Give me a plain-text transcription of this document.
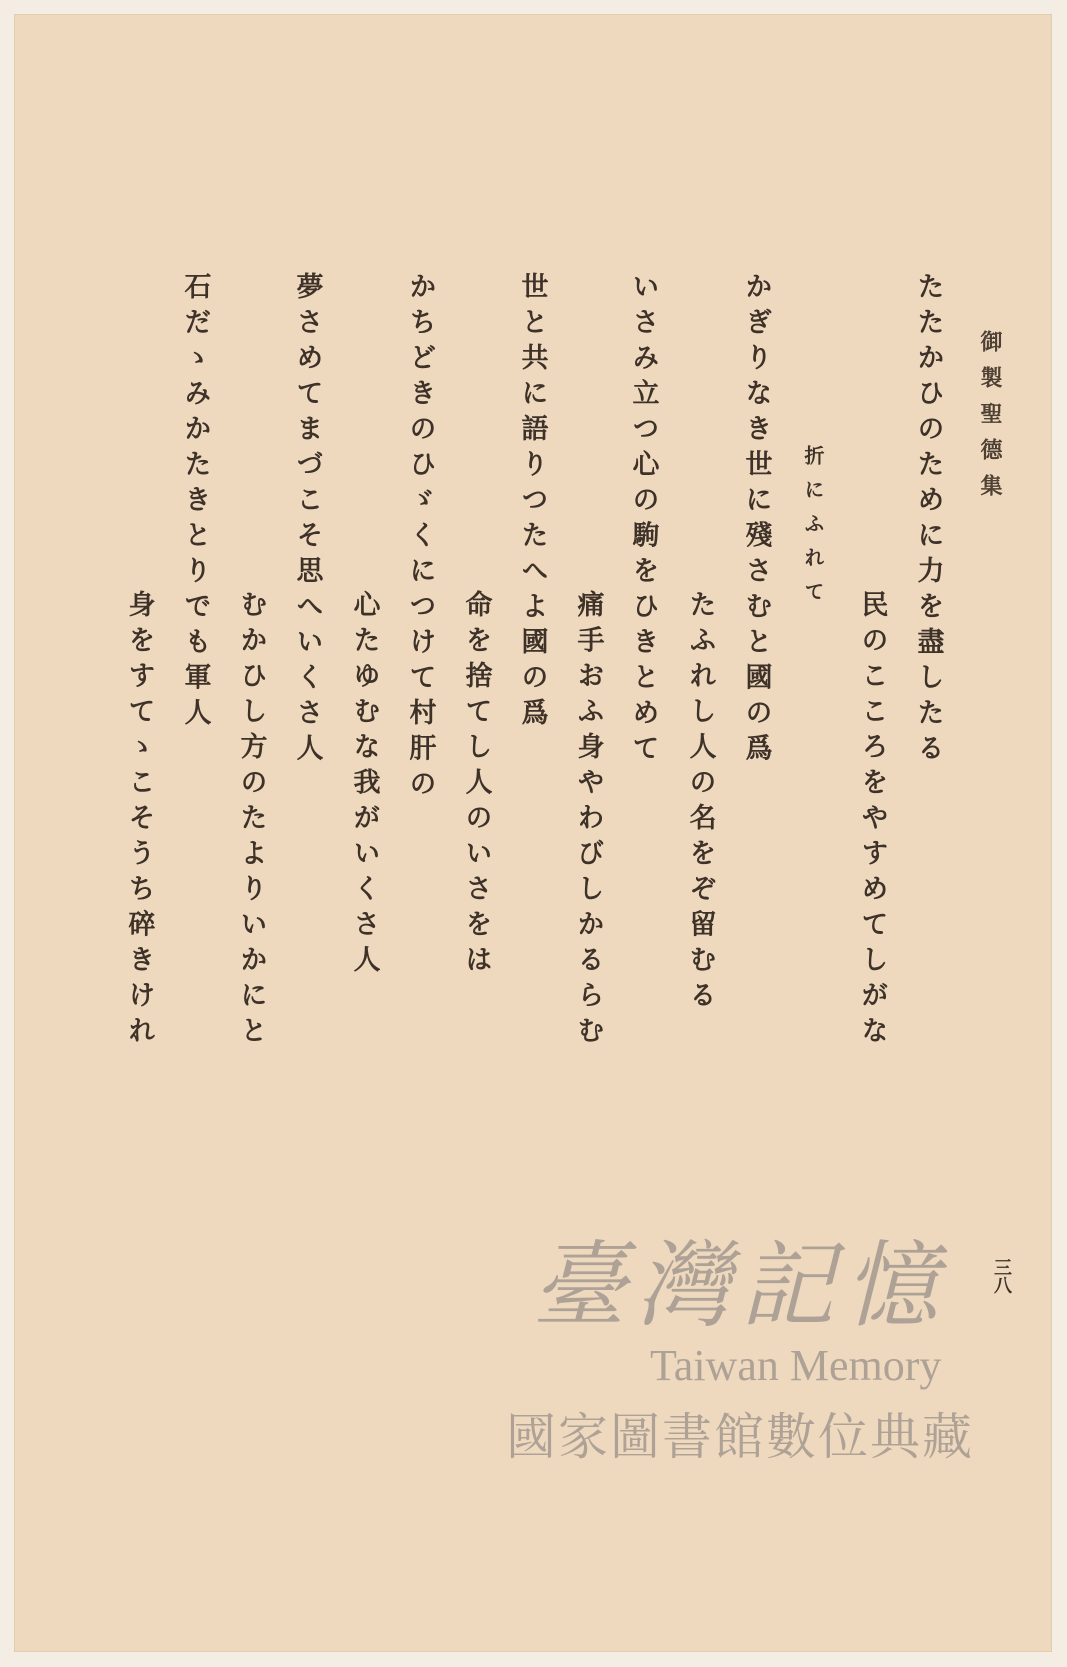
御製聖德集
たたかひのために力を盡したる
民のこころをやすめてしがな
折にふれて
かぎりなき世に殘さむと國の爲
たふれし人の名をぞ留むる
いさみ立つ心の駒をひきとめて
痛手おふ身やわびしかるらむ
世と共に語りつたへよ國の爲
命を捨てし人のいさをは
かちどきのひゞくにつけて村肝の
心たゆむな我がいくさ人
夢さめてまづこそ思へいくさ人
むかひし方のたよりいかにと
石だゝみかたきとりでも軍人
身をすてゝこそうち碎きけれ
三八
臺灣記憶
Taiwan Memory
國家圖書館數位典藏
